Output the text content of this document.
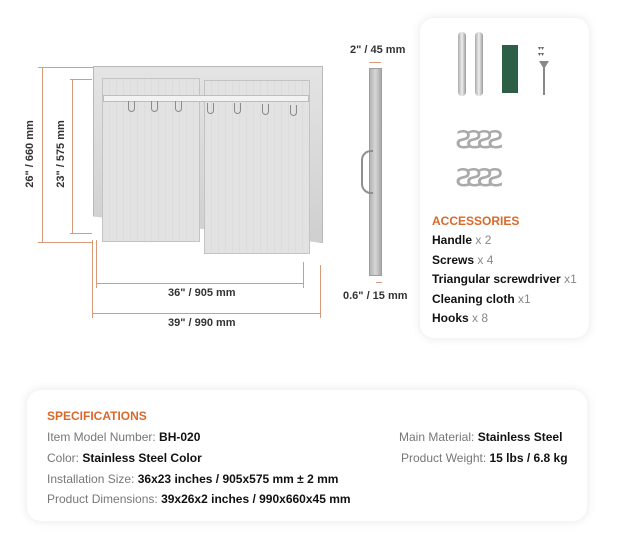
26" / 660 mm 23" / 575 mm
36" / 905 mm
39" / 990 mm
2" / 45 mm
0.6" / 15 mm
▾▾
▾▾
ꙅꙅꙅꙅ
ꙅꙅꙅꙅ
ACCESSORIES
Handle x 2
Screws x 4
Triangular screwdriver x1
Cleaning cloth x1
Hooks x 8
SPECIFICATIONS
Item Model Number: BH-020
Color: Stainless Steel Color
Installation Size: 36x23 inches / 905x575 mm ± 2 mm
Product Dimensions: 39x26x2 inches / 990x660x45 mm
Main Material: Stainless Steel
Product Weight: 15 lbs / 6.8 kg
